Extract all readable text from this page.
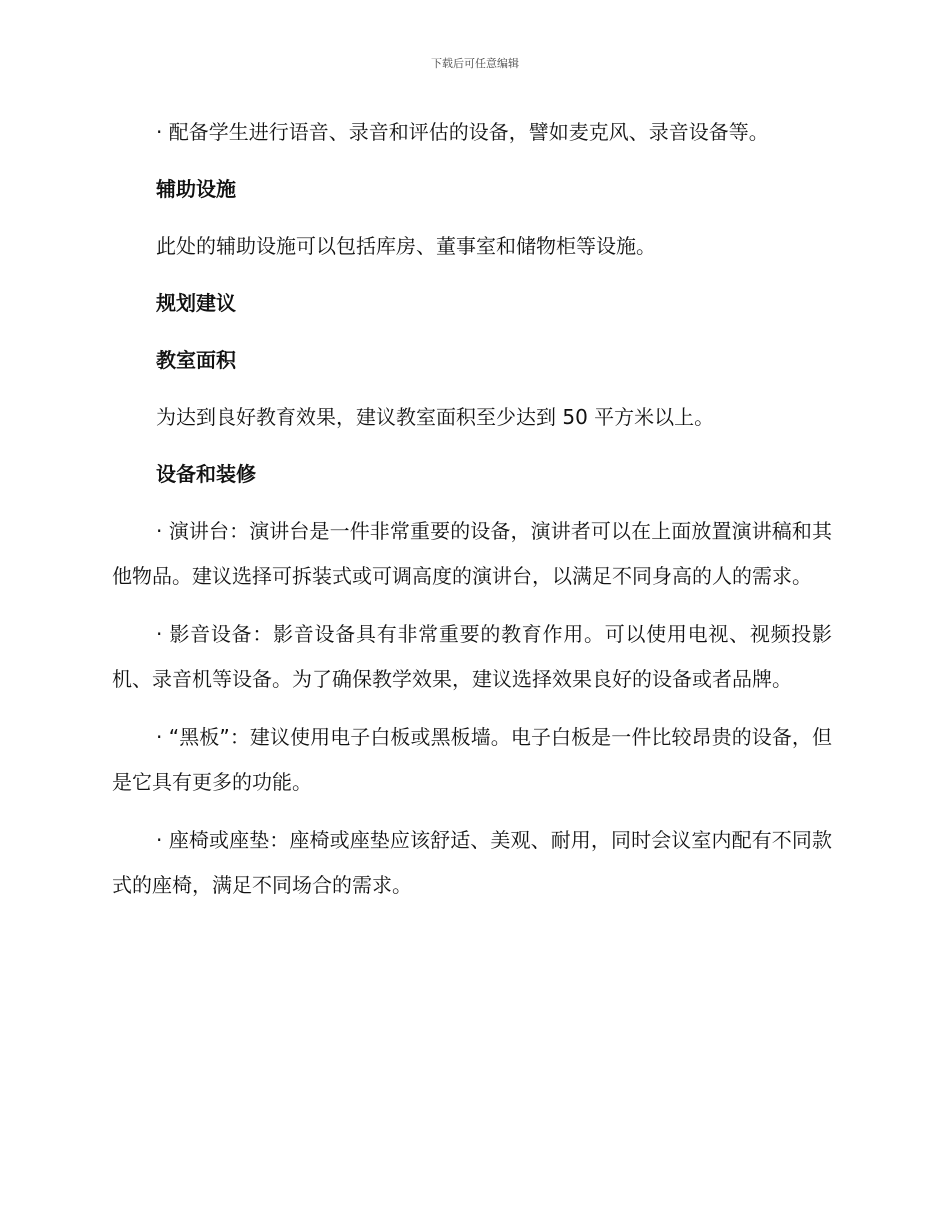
下载后可任意编辑

· 配备学生进行语音、录音和评估的设备，譬如麦克风、录音设备等。

辅助设施

此处的辅助设施可以包括库房、董事室和储物柜等设施。

规划建议

教室面积

为达到良好教育效果，建议教室面积至少达到 50 平方米以上。

设备和装修

· 演讲台：演讲台是一件非常重要的设备，演讲者可以在上面放置演讲稿和其他物品。建议选择可拆装式或可调高度的演讲台，以满足不同身高的人的需求。

· 影音设备：影音设备具有非常重要的教育作用。可以使用电视、视频投影机、录音机等设备。为了确保教学效果，建议选择效果良好的设备或者品牌。

· “黑板”：建议使用电子白板或黑板墙。电子白板是一件比较昂贵的设备，但是它具有更多的功能。

· 座椅或座垫：座椅或座垫应该舒适、美观、耐用，同时会议室内配有不同款式的座椅，满足不同场合的需求。
